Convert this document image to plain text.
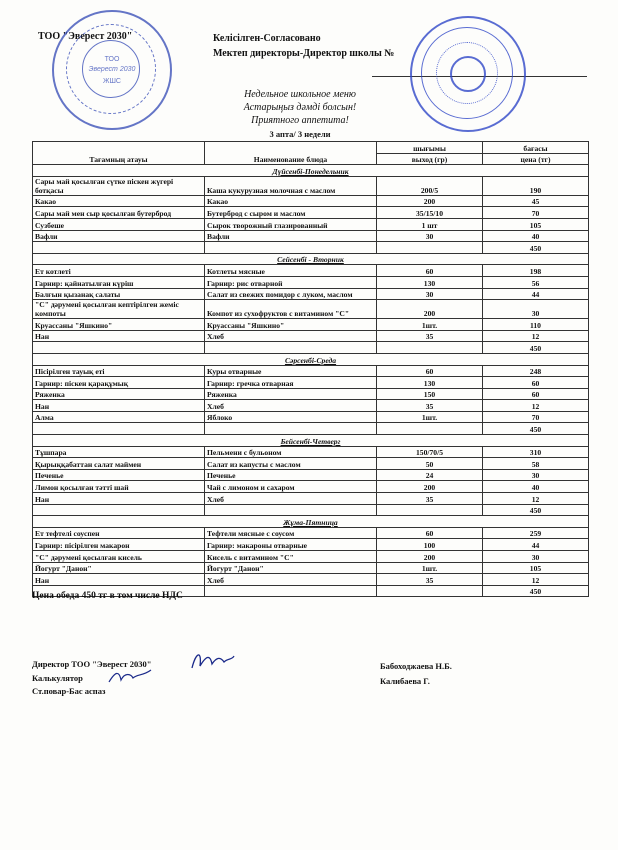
ТОО "Эверест 2030"	Келісілген-Согласовано
Мектеп директоры-Директор школы №
Недельное школьное меню
Астарыңыз дәмді болсын!
Приятного аппетита!
3 апта/ 3 недели
ТОО
Эверест 2030
ЖШС
Тағамның атауы	Наименование блюда	шығымы	бағасы
		выход (гр)	цена (тг)
Дүйсенбі-Понедельник			
Сары май қосылған сүтке піскен жүгері ботқасы	Каша кукурузная молочная с маслом	200/5	190
Какао	Какао	200	45
Сары май мен сыр қосылған бутерброд	Бутерброд с сыром и маслом	35/15/10	70
Сузбеше	Сырок творожный глазированный	1 шт	105
Вафли	Вафли	30	40
			450
Сейсенбі - Вторник			
Ет котлеті	Котлеты мясные	60	198
Гарнир: қайнатылған күріш	Гарнир: рис отварной	130	56
Балғын қызанақ салаты	Салат из свежих помидор с луком, маслом	30	44
"С" дәрумені қосылған кептірілген жеміс компоты	Компот из сухофруктов с витамином "С"	200	30
Круассаны "Яшкино"	Круассаны "Яшкино"	1шт.	110
Нан	Хлеб	35	12
			450
Сәрсенбі-Среда			
Пісірілген тауық еті	Куры отварные	60	248
Гарнир: піскен қарақұмық	Гарнир: гречка отварная	130	60
Ряженка	Ряженка	150	60
Нан	Хлеб	35	12
Алма	Яблоко	1шт.	70
			450
Бейсенбі-Четверг			
Тұшпара	Пельмени с бульоном	150/70/5	310
Қырыққабаттан салат маймен	Салат из капусты с маслом	50	58
Печенье	Печенье	24	30
Лимон қосылған тәтті шай	Чай с лимоном и сахаром	200	40
Нан	Хлеб	35	12
			450
Жұма-Пятница			
Ет тефтелі соуспен	Тефтели мясные с соусом	60	259
Гарнир: пісірілген макарон	Гарнир: макароны отварные	100	44
"С" дәрумені қосылған кисель	Кисель с витамином "С"	200	30
Йогурт "Данон"	Йогурт "Данон"	1шт.	105
Нан	Хлеб	35	12
			450
Цена обеда 450 тг в том числе НДС
Директор ТОО "Эверест 2030"	Бабоходжаева Н.Б.
Калькулятор	Калибаева Г.
Ст.повар-Бас аспаз
